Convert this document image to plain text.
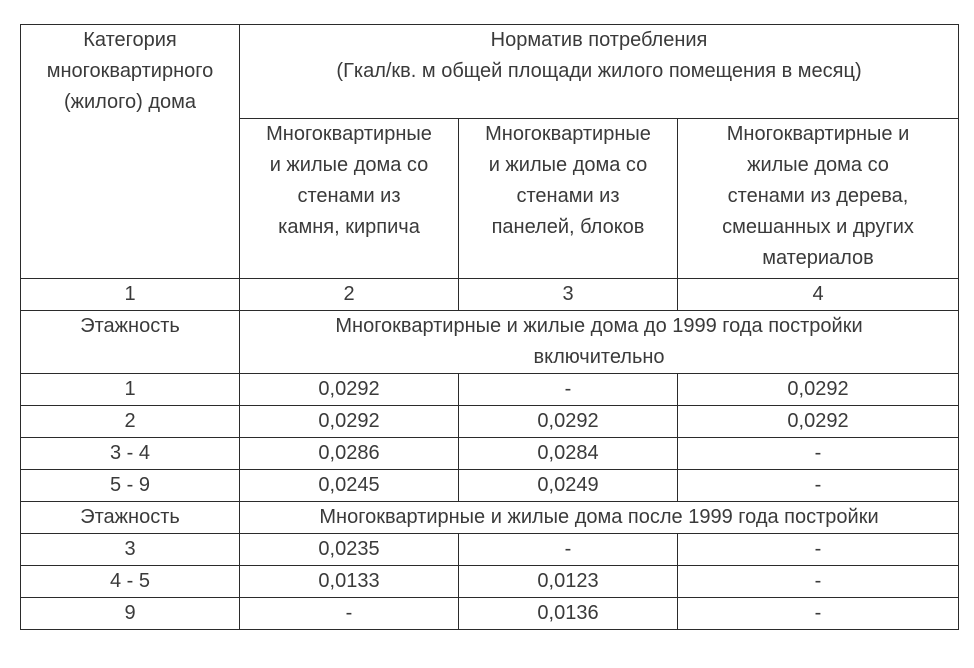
Категория
многоквартирного
(жилого) дома	Норматив потребления
(Гкал/кв. м общей площади жилого помещения в месяц)		
	Многоквартирные
и жилые дома со
стенами из
камня, кирпича	Многоквартирные
и жилые дома со
стенами из
панелей, блоков	Многоквартирные и
жилые дома со
стенами из дерева,
смешанных и других
материалов
1	2	3	4
Этажность	Многоквартирные и жилые дома до 1999 года постройки
включительно		
1	0,0292	-	0,0292
2	0,0292	0,0292	0,0292
3 - 4	0,0286	0,0284	-
5 - 9	0,0245	0,0249	-
Этажность	Многоквартирные и жилые дома после 1999 года постройки		
3	0,0235	-	-
4 - 5	0,0133	0,0123	-
9	-	0,0136	-
